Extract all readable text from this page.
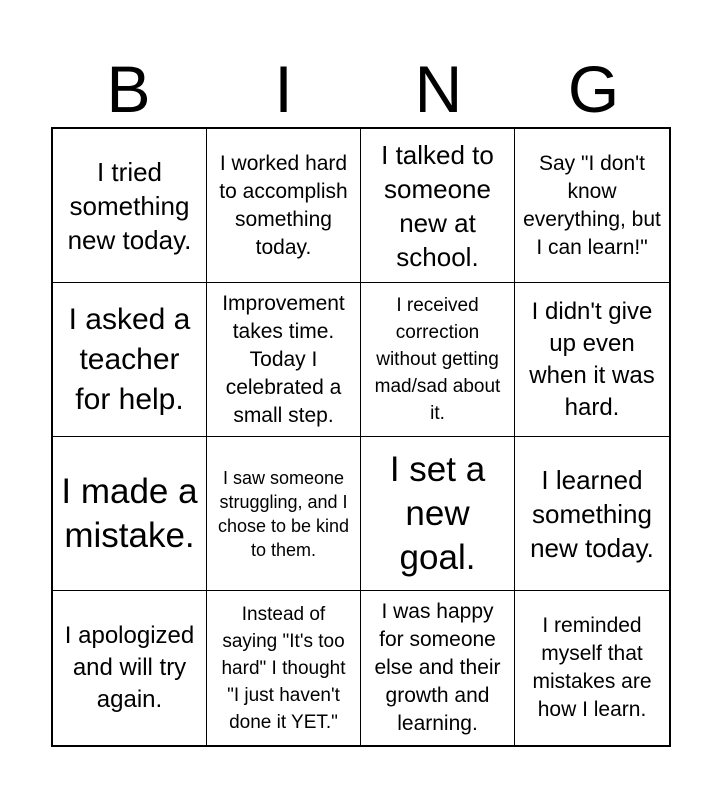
B	I	N	G
I tried something new today.
I worked hard to accomplish something today.
I talked to someone new at school.
Say "I don't know everything, but I can learn!"
I asked a teacher for help.
Improvement takes time. Today I celebrated a small step.
I received correction without getting mad/sad about it.
I didn't give up even when it was hard.
I made a mistake.
I saw someone struggling, and I chose to be kind to them.
I set a new goal.
I learned something new today.
I apologized and will try again.
Instead of saying "It's too hard" I thought "I just haven't done it YET."
I was happy for someone else and their growth and learning.
I reminded myself that mistakes are how I learn.
